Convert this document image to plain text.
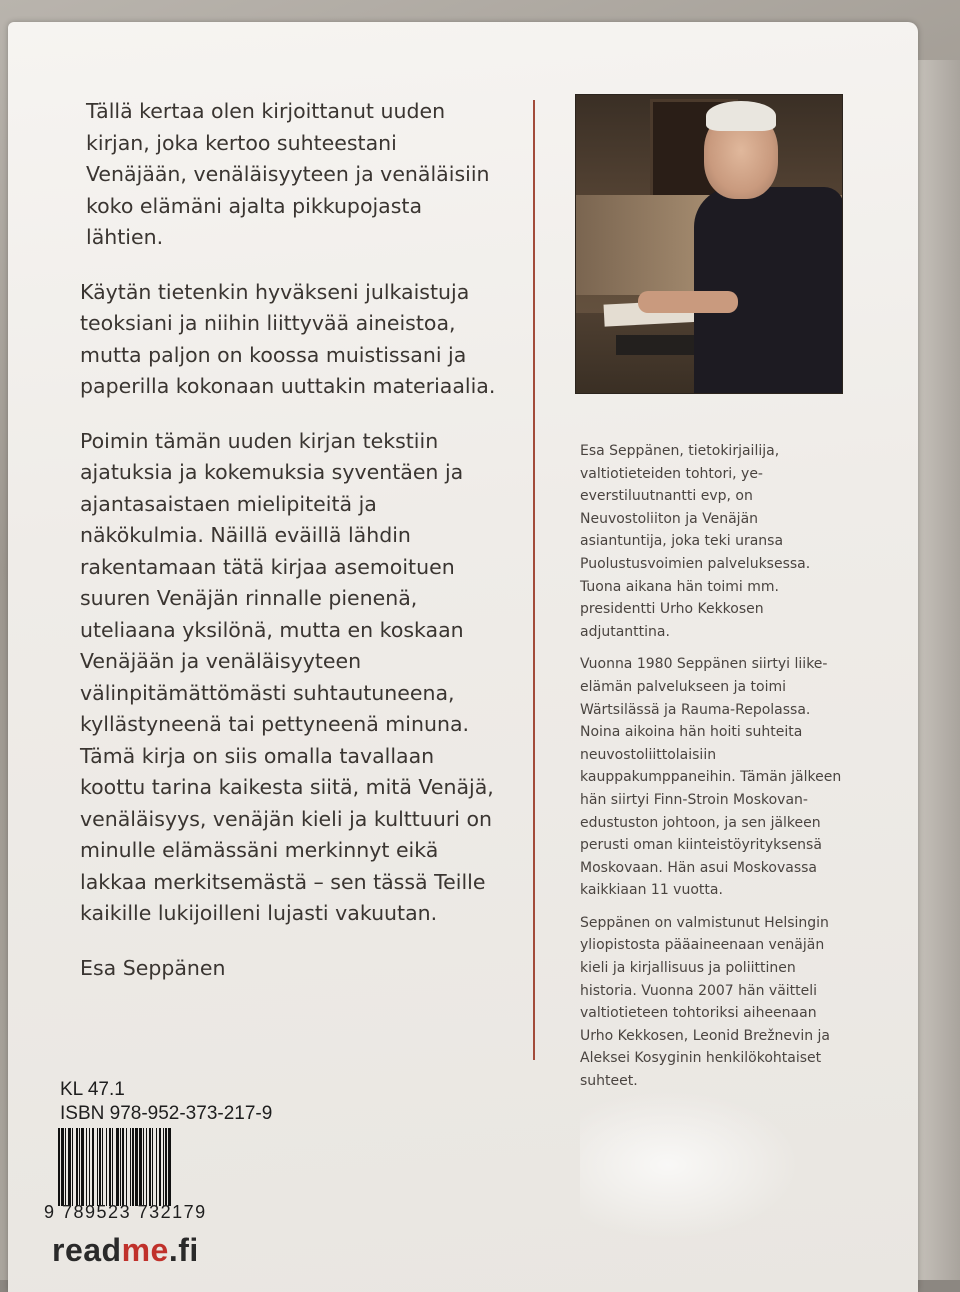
Tällä kertaa olen kirjoittanut uuden kirjan, joka kertoo suhteestani Venäjään, venäläisyyteen ja venäläisiin koko elämäni ajalta pikkupojasta lähtien.

Käytän tietenkin hyväkseni julkaistuja teoksiani ja niihin liittyvää aineistoa, mutta paljon on koossa muistissani ja paperilla kokonaan uuttakin materiaalia.

Poimin tämän uuden kirjan tekstiin ajatuksia ja kokemuksia syventäen ja ajantasaistaen mielipiteitä ja näkökulmia. Näillä eväillä lähdin rakentamaan tätä kirjaa asemoituen suuren Venäjän rinnalle pienenä, uteliaana yksilönä, mutta en koskaan Venäjään ja venäläisyyteen välinpitämättömästi suhtautuneena, kyllästyneenä tai pettyneenä minuna. Tämä kirja on siis omalla tavallaan koottu tarina kaikesta siitä, mitä Venäjä, venäläisyys, venäjän kieli ja kulttuuri on minulle elämässäni merkinnyt eikä lakkaa merkitsemästä – sen tässä Teille kaikille lukijoilleni lujasti vakuutan.

Esa Seppänen

Esa Seppänen, tietokirjailija, valtiotieteiden tohtori, ye-everstiluutnantti evp, on Neuvostoliiton ja Venäjän asiantuntija, joka teki uransa Puolustusvoimien palveluksessa. Tuona aikana hän toimi mm. presidentti Urho Kekkosen adjutanttina.

Vuonna 1980 Seppänen siirtyi liike-elämän palvelukseen ja toimi Wärtsilässä ja Rauma-Repolassa. Noina aikoina hän hoiti suhteita neuvostoliittolaisiin kauppakumppaneihin. Tämän jälkeen hän siirtyi Finn-Stroin Moskovan-edustuston johtoon, ja sen jälkeen perusti oman kiinteistöyrityksensä Moskovaan. Hän asui Moskovassa kaikkiaan 11 vuotta.

Seppänen on valmistunut Helsingin yliopistosta pääaineenaan venäjän kieli ja kirjallisuus ja poliittinen historia. Vuonna 2007 hän väitteli valtiotieteen tohtoriksi aiheenaan Urho Kekkosen, Leonid Brežnevin ja Aleksei Kosyginin henkilökohtaiset suhteet.

KL 47.1
ISBN 978-952-373-217-9
9 789523 732179
readme.fi
